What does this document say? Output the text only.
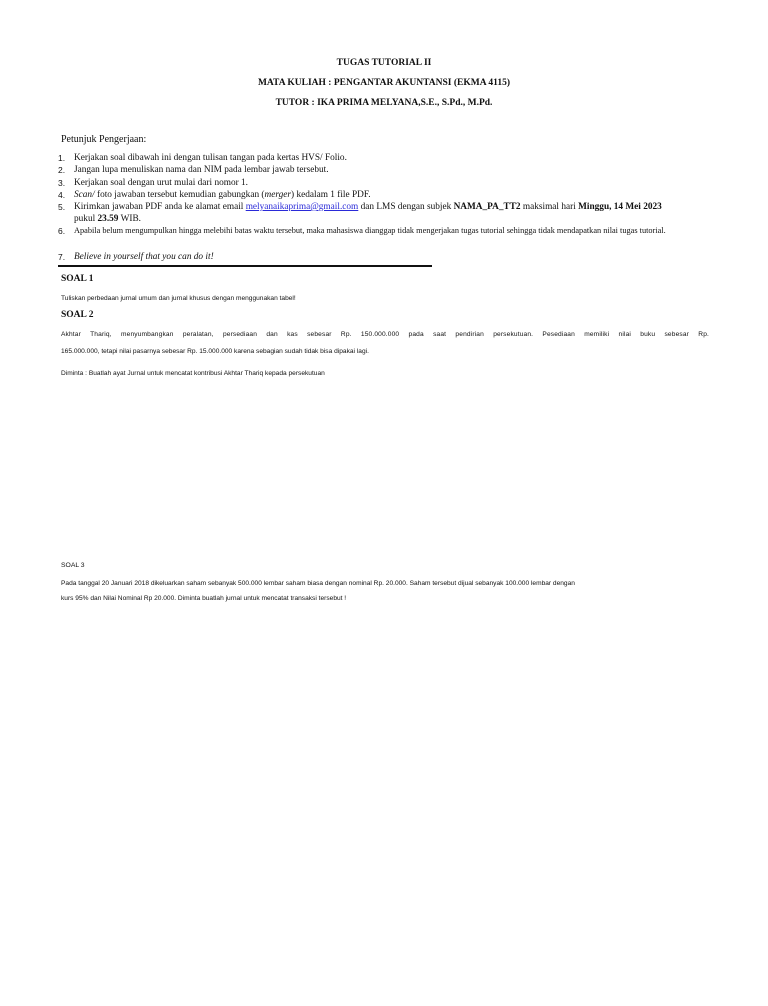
TUGAS TUTORIAL II
MATA KULIAH : PENGANTAR AKUNTANSI (EKMA 4115)
TUTOR : IKA PRIMA MELYANA,S.E., S.Pd., M.Pd.
Petunjuk Pengerjaan:
1. Kerjakan soal dibawah ini dengan tulisan tangan pada kertas HVS/ Folio.
2. Jangan lupa menuliskan nama dan NIM pada lembar jawab tersebut.
3. Kerjakan soal dengan urut mulai dari nomor 1.
4. Scan/ foto jawaban tersebut kemudian gabungkan (merger) kedalam 1 file PDF.
5. Kirimkan jawaban PDF anda ke alamat email melyanaikaprima@gmail.com dan LMS dengan subjek NAMA_PA_TT2 maksimal hari Minggu, 14 Mei 2023
pukul 23.59 WIB.
6. Apabila belum mengumpulkan hingga melebihi batas waktu tersebut, maka mahasiswa dianggap tidak mengerjakan tugas tutorial sehingga tidak mendapatkan nilai tugas tutorial.
7. Believe in yourself that you can do it!
SOAL 1
Tuliskan perbedaan jurnal umum dan jurnal khusus dengan menggunakan tabel!
SOAL 2
Akhtar Thariq, menyumbangkan peralatan, persediaan dan kas sebesar Rp. 150.000.000 pada saat pendirian persekutuan. Pesediaan memiliki nilai buku sebesar Rp.
165.000.000, tetapi nilai pasarnya sebesar Rp. 15.000.000 karena sebagian sudah tidak bisa dipakai lagi.
Diminta : Buatlah ayat Jurnal untuk mencatat kontribusi Akhtar Thariq kepada persekutuan
SOAL 3
Pada tanggal 20 Januari 2018 dikeluarkan saham sebanyak 500.000 lembar saham biasa dengan nominal Rp. 20.000. Saham tersebut dijual sebanyak 100.000 lembar dengan
kurs 95% dan Nilai Nominal Rp 20.000. Diminta buatlah jurnal untuk mencatat transaksi tersebut !
